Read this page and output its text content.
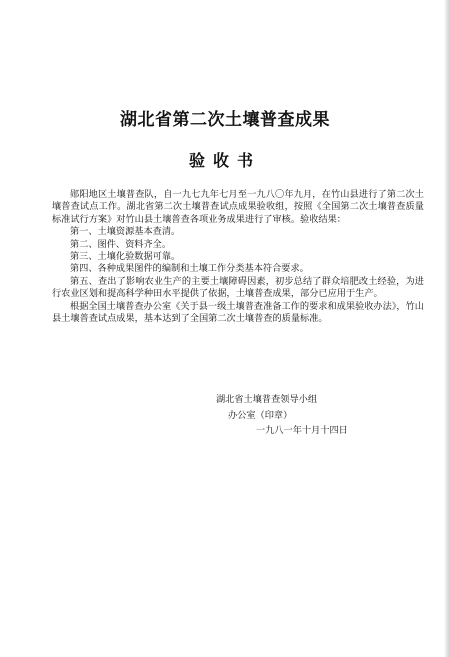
湖北省第二次土壤普查成果
验收书

郧阳地区土壤普查队，自一九七九年七月至一九八〇年九月，在竹山县进行了第二次土壤普查试点工作。湖北省第二次土壤普查试点成果验收组，按照《全国第二次土壤普查质量标准试行方案》对竹山县土壤普查各项业务成果进行了审核。验收结果：

第一、土壤资源基本查清。

第二、图件、资料齐全。

第三、土壤化验数据可靠。

第四、各种成果图件的编制和土壤工作分类基本符合要求。

第五、查出了影响农业生产的主要土壤障碍因素，初步总结了群众培肥改土经验，为进行农业区划和提高科学种田水平提供了依据，土壤普查成果，部分已应用于生产。

根据全国土壤普查办公室《关于县一级土壤普查准备工作的要求和成果验收办法》，竹山县土壤普查试点成果，基本达到了全国第二次土壤普查的质量标准。

湖北省土壤普查领导小组
办公室（印章）
一九八一年十月十四日
